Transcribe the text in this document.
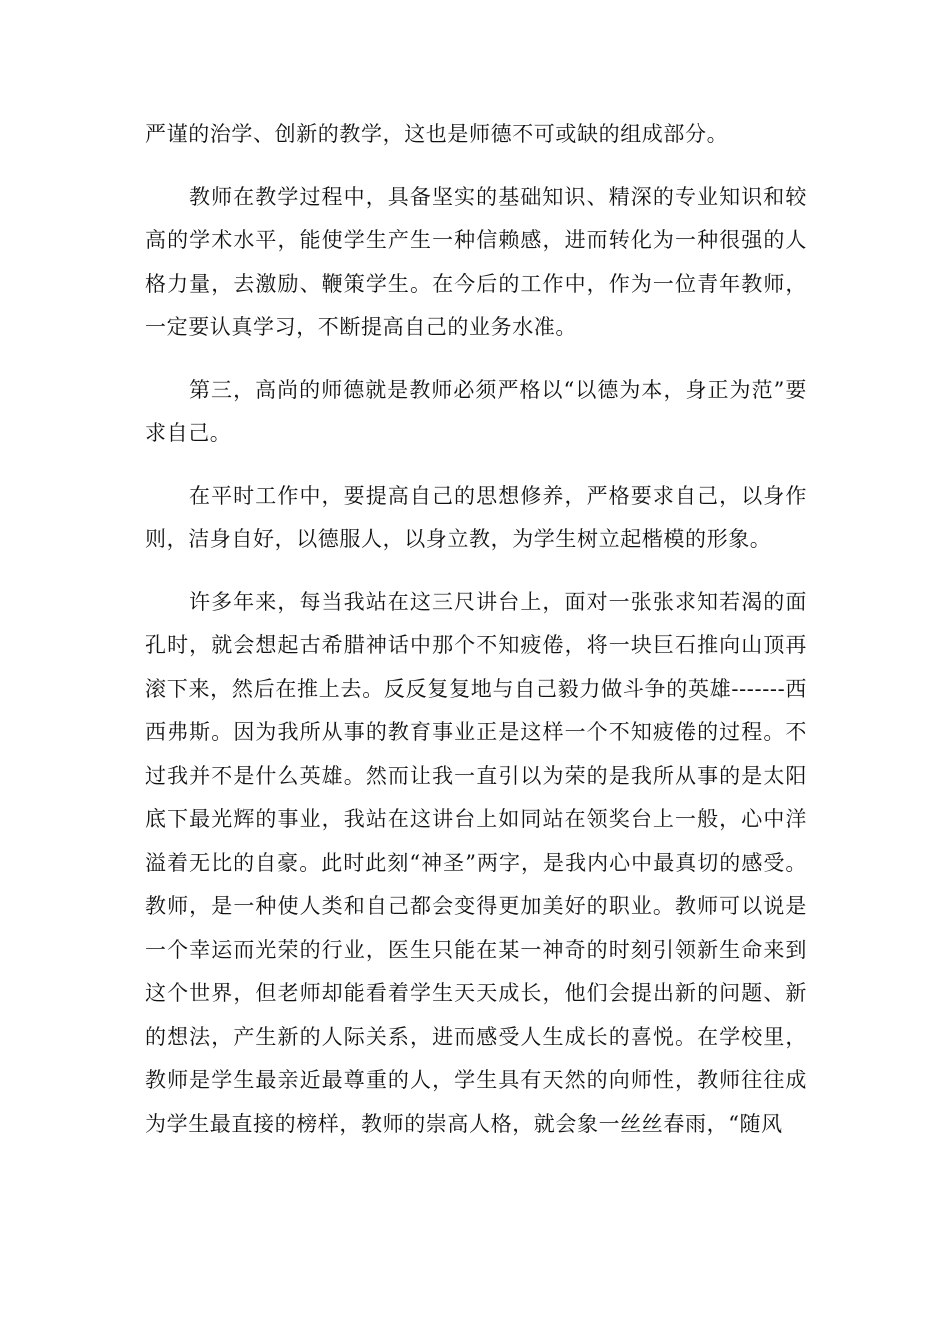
严谨的治学、创新的教学，这也是师德不可或缺的组成部分。

教师在教学过程中，具备坚实的基础知识、精深的专业知识和较高的学术水平，能使学生产生一种信赖感，进而转化为一种很强的人格力量，去激励、鞭策学生。在今后的工作中，作为一位青年教师，一定要认真学习，不断提高自己的业务水准。

第三，高尚的师德就是教师必须严格以“以德为本，身正为范”要求自己。

在平时工作中，要提高自己的思想修养，严格要求自己，以身作则，洁身自好，以德服人，以身立教，为学生树立起楷模的形象。

许多年来，每当我站在这三尺讲台上，面对一张张求知若渴的面孔时，就会想起古希腊神话中那个不知疲倦，将一块巨石推向山顶再滚下来，然后在推上去。反反复复地与自己毅力做斗争的英雄-------西西弗斯。因为我所从事的教育事业正是这样一个不知疲倦的过程。不过我并不是什么英雄。然而让我一直引以为荣的是我所从事的是太阳底下最光辉的事业，我站在这讲台上如同站在领奖台上一般，心中洋溢着无比的自豪。此时此刻“神圣”两字，是我内心中最真切的感受。教师，是一种使人类和自己都会变得更加美好的职业。教师可以说是一个幸运而光荣的行业，医生只能在某一神奇的时刻引领新生命来到这个世界，但老师却能看着学生天天成长，他们会提出新的问题、新的想法，产生新的人际关系，进而感受人生成长的喜悦。在学校里，教师是学生最亲近最尊重的人，学生具有天然的向师性，教师往往成为学生最直接的榜样，教师的崇高人格，就会象一丝丝春雨，“随风
